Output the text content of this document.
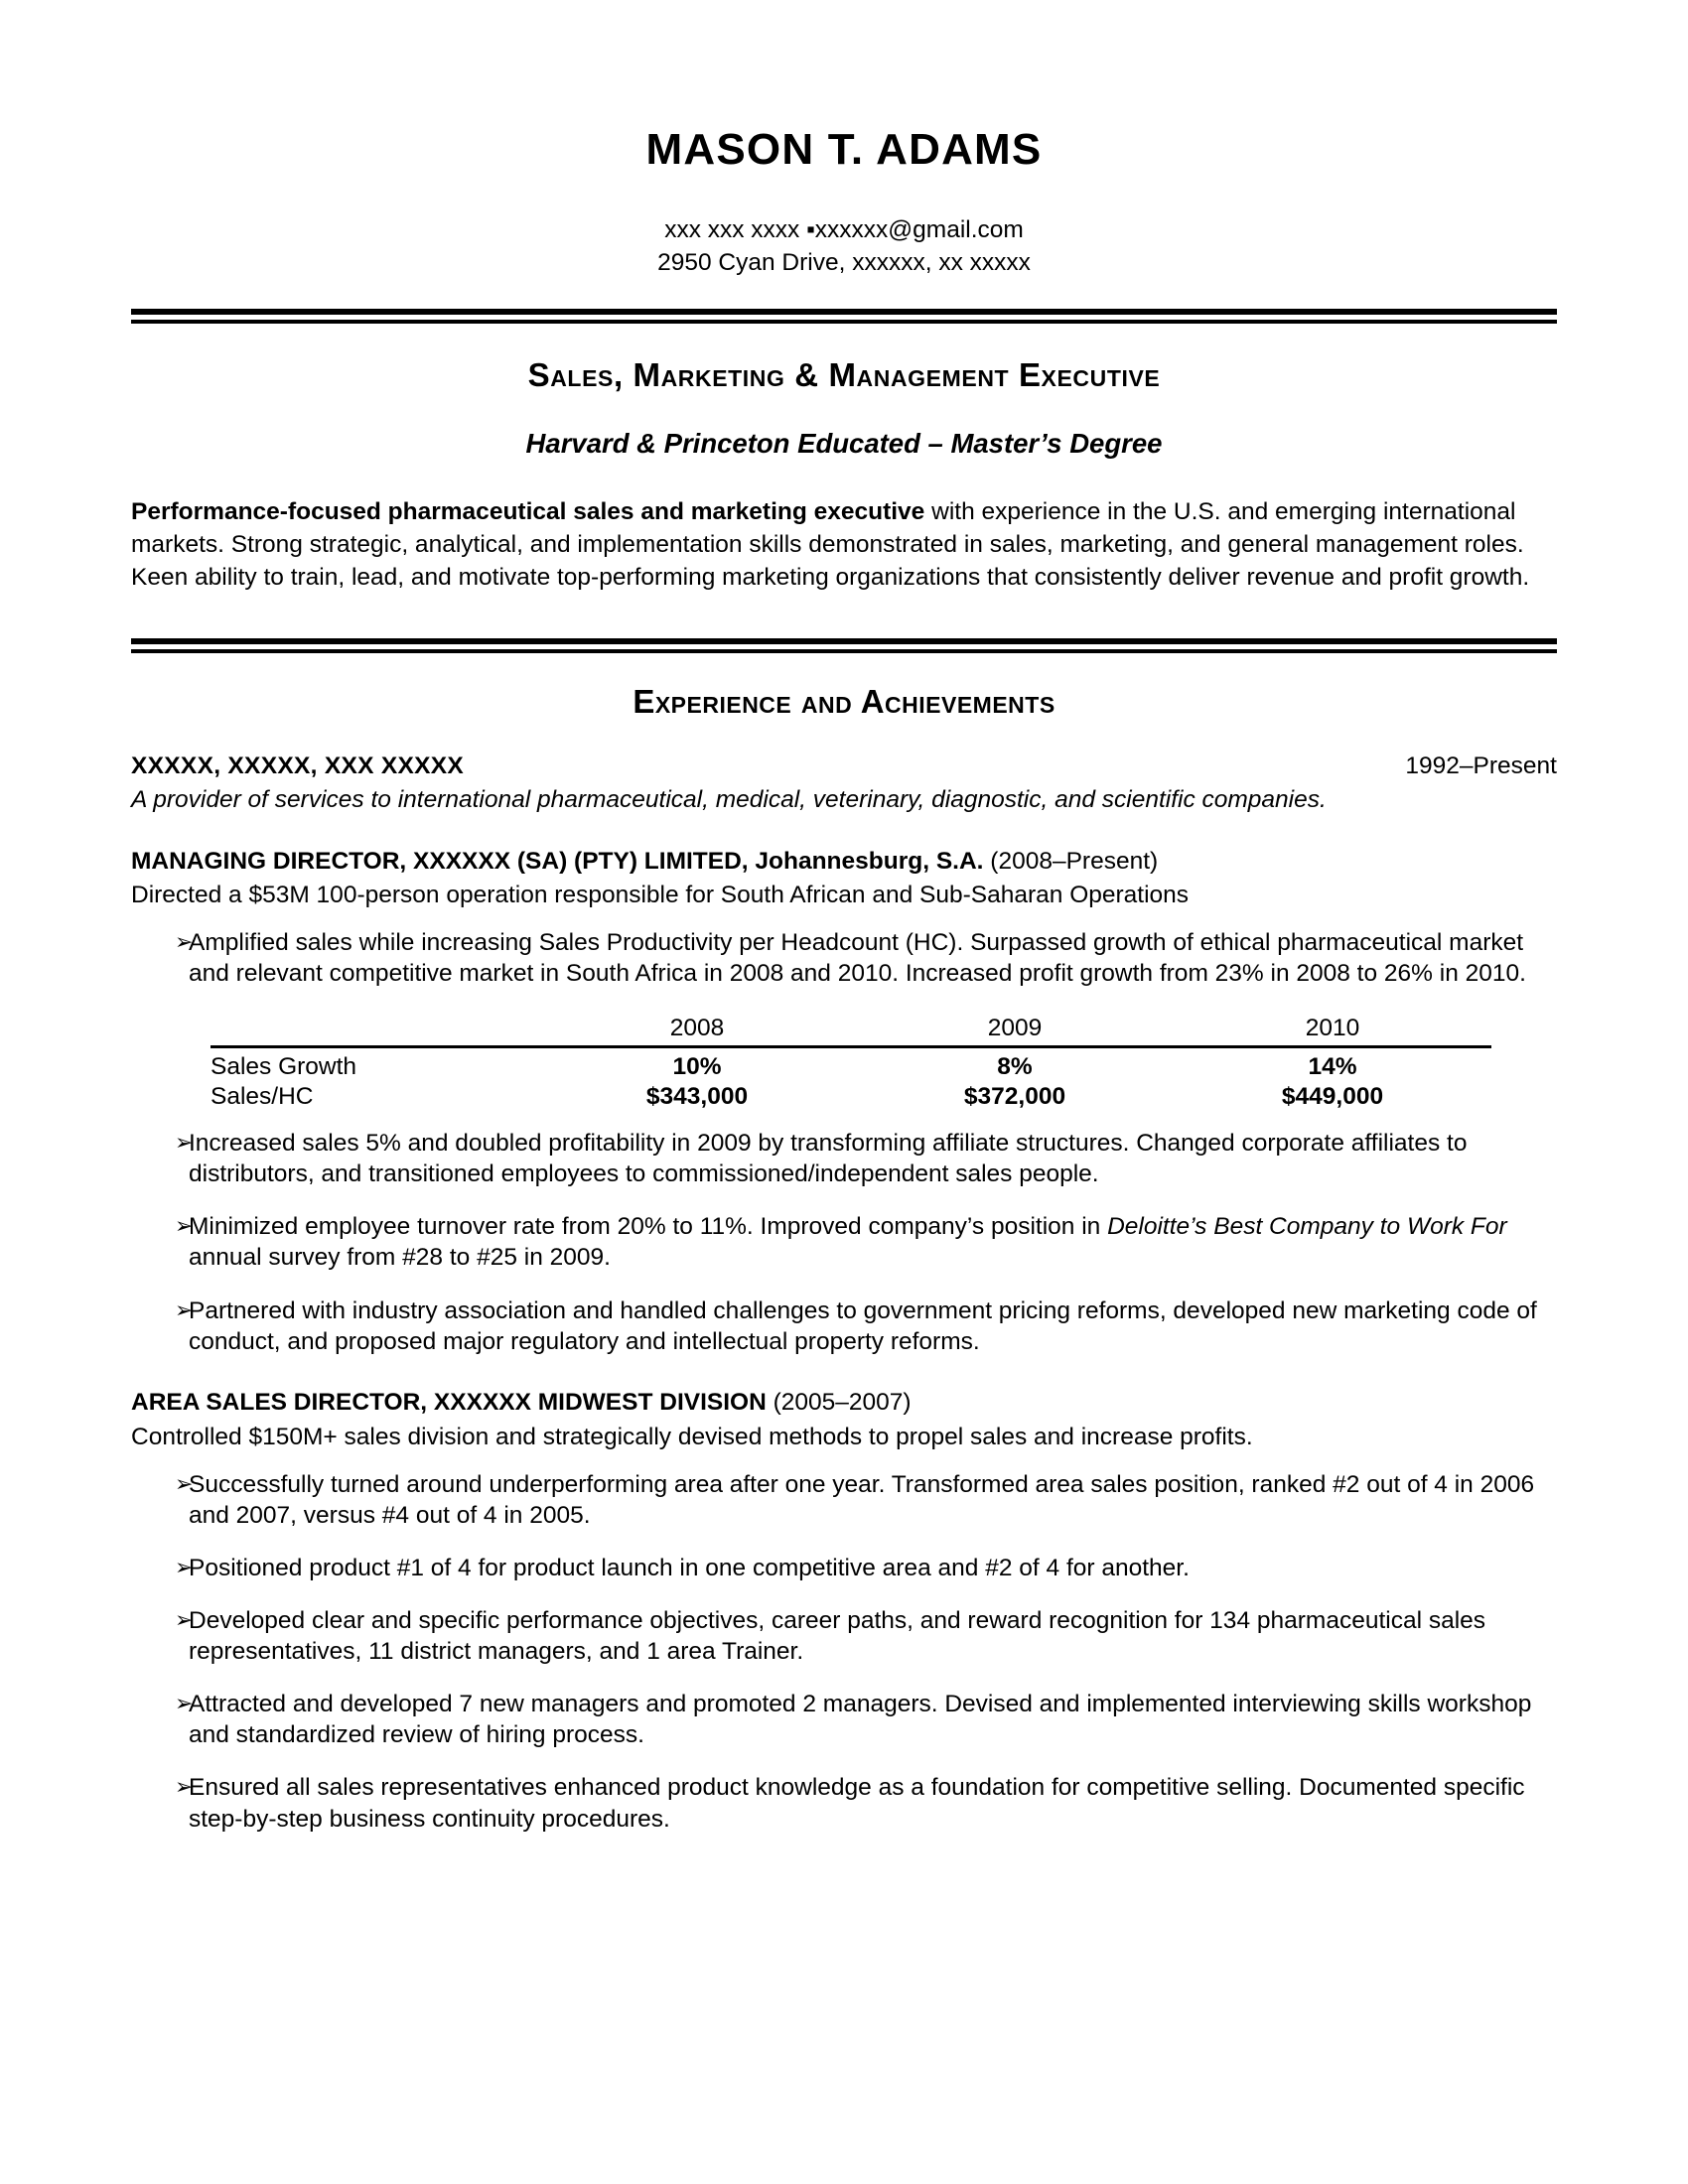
MASON T. ADAMS
xxx xxx xxxx ▪xxxxxx@gmail.com
2950 Cyan Drive, xxxxxx, xx xxxxx
Sales, Marketing & Management Executive
Harvard & Princeton Educated – Master’s Degree
Performance-focused pharmaceutical sales and marketing executive with experience in the U.S. and emerging international markets. Strong strategic, analytical, and implementation skills demonstrated in sales, marketing, and general management roles. Keen ability to train, lead, and motivate top-performing marketing organizations that consistently deliver revenue and profit growth.
Experience and Achievements
XXXXX, XXXXX, XXX XXXXX	1992–Present
A provider of services to international pharmaceutical, medical, veterinary, diagnostic, and scientific companies.
MANAGING DIRECTOR, XXXXXX (SA) (PTY) LIMITED, Johannesburg, S.A. (2008–Present)
Directed a $53M 100-person operation responsible for South African and Sub-Saharan Operations
➢
Amplified sales while increasing Sales Productivity per Headcount (HC). Surpassed growth of ethical pharmaceutical market and relevant competitive market in South Africa in 2008 and 2010. Increased profit growth from 23% in 2008 to 26% in 2010.
	2008	2009	2010
Sales Growth	10%	8%	14%
Sales/HC	$343,000	$372,000	$449,000
➢
Increased sales 5% and doubled profitability in 2009 by transforming affiliate structures. Changed corporate affiliates to distributors, and transitioned employees to commissioned/independent sales people.
➢
Minimized employee turnover rate from 20% to 11%. Improved company’s position in Deloitte’s Best Company to Work For annual survey from #28 to #25 in 2009.
➢
Partnered with industry association and handled challenges to government pricing reforms, developed new marketing code of conduct, and proposed major regulatory and intellectual property reforms.
AREA SALES DIRECTOR, XXXXXX MIDWEST DIVISION (2005–2007)
Controlled $150M+ sales division and strategically devised methods to propel sales and increase profits.
➢
Successfully turned around underperforming area after one year. Transformed area sales position, ranked #2 out of 4 in 2006 and 2007, versus #4 out of 4 in 2005.
➢
Positioned product #1 of 4 for product launch in one competitive area and #2 of 4 for another.
➢
Developed clear and specific performance objectives, career paths, and reward recognition for 134 pharmaceutical sales representatives, 11 district managers, and 1 area Trainer.
➢
Attracted and developed 7 new managers and promoted 2 managers. Devised and implemented interviewing skills workshop and standardized review of hiring process.
➢
Ensured all sales representatives enhanced product knowledge as a foundation for competitive selling. Documented specific step-by-step business continuity procedures.
